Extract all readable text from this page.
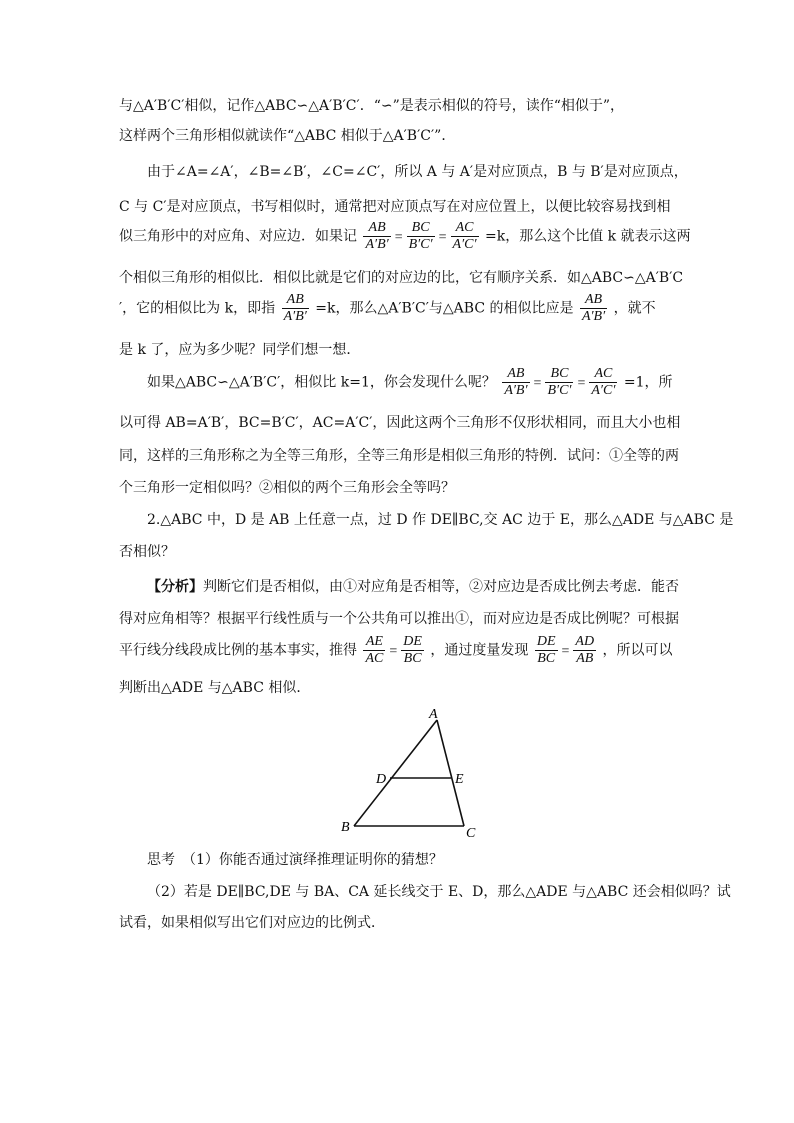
与△A′B′C′相似，记作△ABC∽△A′B′C′．“∽”是表示相似的符号，读作“相似于”，
这样两个三角形相似就读作“△ABC 相似于△A′B′C′”．
由于∠A=∠A′，∠B=∠B′，∠C=∠C′，所以 A 与 A′是对应顶点，B 与 B′是对应顶点，
C 与 C′是对应顶点，书写相似时，通常把对应顶点写在对应位置上，以便比较容易找到相
似三角形中的对应角、对应边．如果记 $\frac{AB}{A'B'} = \frac{BC}{B'C'} = \frac{AC}{A'C'} =k$，那么这个比值 k 就表示这两
个相似三角形的相似比．相似比就是它们的对应边的比，它有顺序关系．如△ABC∽△A′B′C
′，它的相似比为 k，即指 $\frac{AB}{A'B'} =k$，那么△A′B′C′与△ABC 的相似比应是 $\frac{AB}{A'B'}$ ，就不
是 k 了，应为多少呢？同学们想一想．
如果△ABC∽△A′B′C′，相似比 k=1，你会发现什么呢？ $\frac{AB}{A'B'} = \frac{BC}{B'C'} = \frac{AC}{A'C'} =1$，所
以可得 AB=A′B′，BC=B′C′，AC=A′C′，因此这两个三角形不仅形状相同，而且大小也相
同，这样的三角形称之为全等三角形，全等三角形是相似三角形的特例．试问：①全等的两
个三角形一定相似吗？②相似的两个三角形会全等吗？
2.△ABC 中，D 是 AB 上任意一点，过 D 作 DE∥BC,交 AC 边于 E，那么△ADE 与△ABC 是
否相似？
【分析】判断它们是否相似，由①对应角是否相等，②对应边是否成比例去考虑．能否
得对应角相等？根据平行线性质与一个公共角可以推出①，而对应边是否成比例呢？可根据
平行线分线段成比例的基本事实，推得 $\frac{AE}{AC} = \frac{DE}{BC}$ ，通过度量发现 $\frac{DE}{BC} = \frac{AD}{AB}$ ，所以可以
判断出△ADE 与△ABC 相似．
思考　（1）你能否通过演绎推理证明你的猜想？
（2）若是 DE∥BC,DE 与 BA、CA 延长线交于 E、D，那么△ADE 与△ABC 还会相似吗？试
试看，如果相似写出它们对应边的比例式．
A
D	E
B	C
